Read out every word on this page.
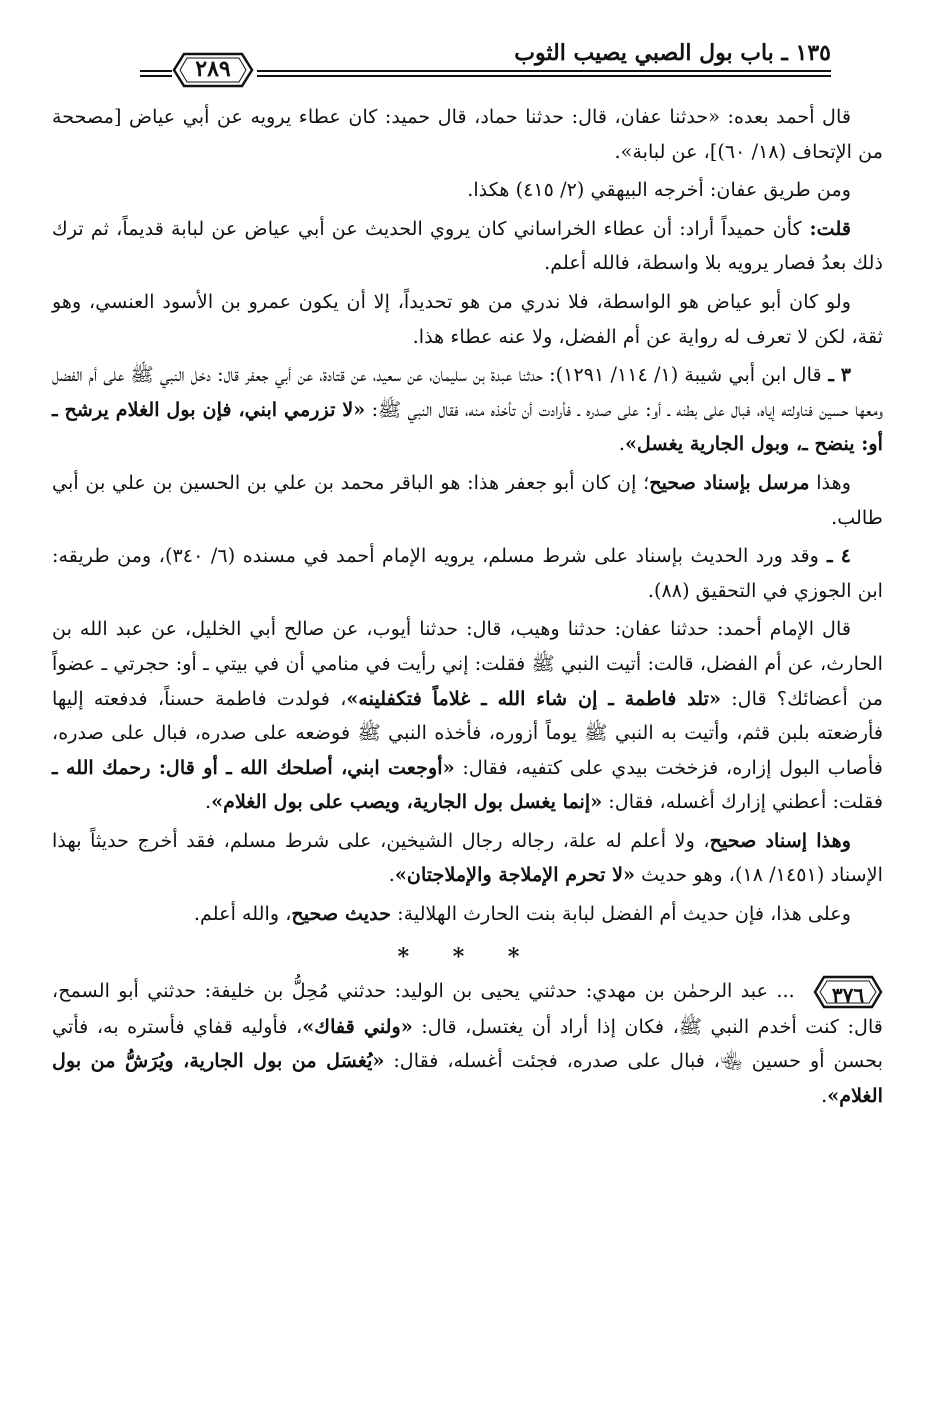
١٣٥ ـ باب بول الصبي يصيب الثوب
٢٨٩

قال أحمد بعده: «حدثنا عفان، قال: حدثنا حماد، قال حميد: كان عطاء يرويه عن أبي عياض [مصححة من الإتحاف (١٨/ ٦٠)]، عن لبابة».

ومن طريق عفان: أخرجه البيهقي (٢/ ٤١٥) هكذا.

قلت: كأن حميداً أراد: أن عطاء الخراساني كان يروي الحديث عن أبي عياض عن لبابة قديماً، ثم ترك ذلك بعدُ فصار يرويه بلا واسطة، فالله أعلم.

ولو كان أبو عياض هو الواسطة، فلا ندري من هو تحديداً، إلا أن يكون عمرو بن الأسود العنسي، وهو ثقة، لكن لا تعرف له رواية عن أم الفضل، ولا عنه عطاء هذا.

٣ ـ قال ابن أبي شيبة (١/ ١١٤/ ١٢٩١): حدثنا عبدة بن سليمان، عن سعيد، عن قتادة، عن أبي جعفر قال: دخل النبي ﷺ على أم الفضل ومعها حسين فناولته إياه، فبال على بطنه ـ أو: على صدره ـ فأرادت أن تأخذه منه، فقال النبي ﷺ: «لا تزرمي ابني، فإن بول الغلام يرشح ـ أو: ينضح ـ، وبول الجارية يغسل».

وهذا مرسل بإسناد صحيح؛ إن كان أبو جعفر هذا: هو الباقر محمد بن علي بن الحسين بن علي بن أبي طالب.

٤ ـ وقد ورد الحديث بإسناد على شرط مسلم، يرويه الإمام أحمد في مسنده (٦/ ٣٤٠)، ومن طريقه: ابن الجوزي في التحقيق (٨٨).

قال الإمام أحمد: حدثنا عفان: حدثنا وهيب، قال: حدثنا أيوب، عن صالح أبي الخليل، عن عبد الله بن الحارث، عن أم الفضل، قالت: أتيت النبي ﷺ فقلت: إني رأيت في منامي أن في بيتي ـ أو: حجرتي ـ عضواً من أعضائك؟ قال: «تلد فاطمة ـ إن شاء الله ـ غلاماً فتكفلينه»، فولدت فاطمة حسناً، فدفعته إليها فأرضعته بلبن قثم، وأتيت به النبي ﷺ يوماً أزوره، فأخذه النبي ﷺ فوضعه على صدره، فبال على صدره، فأصاب البول إزاره، فزخخت بيدي على كتفيه، فقال: «أوجعت ابني، أصلحك الله ـ أو قال: رحمك الله ـ فقلت: أعطني إزارك أغسله، فقال: «إنما يغسل بول الجارية، ويصب على بول الغلام».

وهذا إسناد صحيح، ولا أعلم له علة، رجاله رجال الشيخين، على شرط مسلم، فقد أخرج حديثاً بهذا الإسناد (١٤٥١/ ١٨)، وهو حديث «لا تحرم الإملاجة والإملاجتان».

وعلى هذا، فإن حديث أم الفضل لبابة بنت الحارث الهلالية: حديث صحيح، والله أعلم.

* * *

٣٧٦
... عبد الرحمٰن بن مهدي: حدثني يحيى بن الوليد: حدثني مُحِلُّ بن خليفة: حدثني أبو السمح، قال: كنت أخدم النبي ﷺ، فكان إذا أراد أن يغتسل، قال: «ولني قفاك»، فأوليه قفاي فأستره به، فأتي بحسن أو حسين ﵄، فبال على صدره، فجئت أغسله، فقال: «يُغسَل من بول الجارية، ويُرَشُّ من بول الغلام».
